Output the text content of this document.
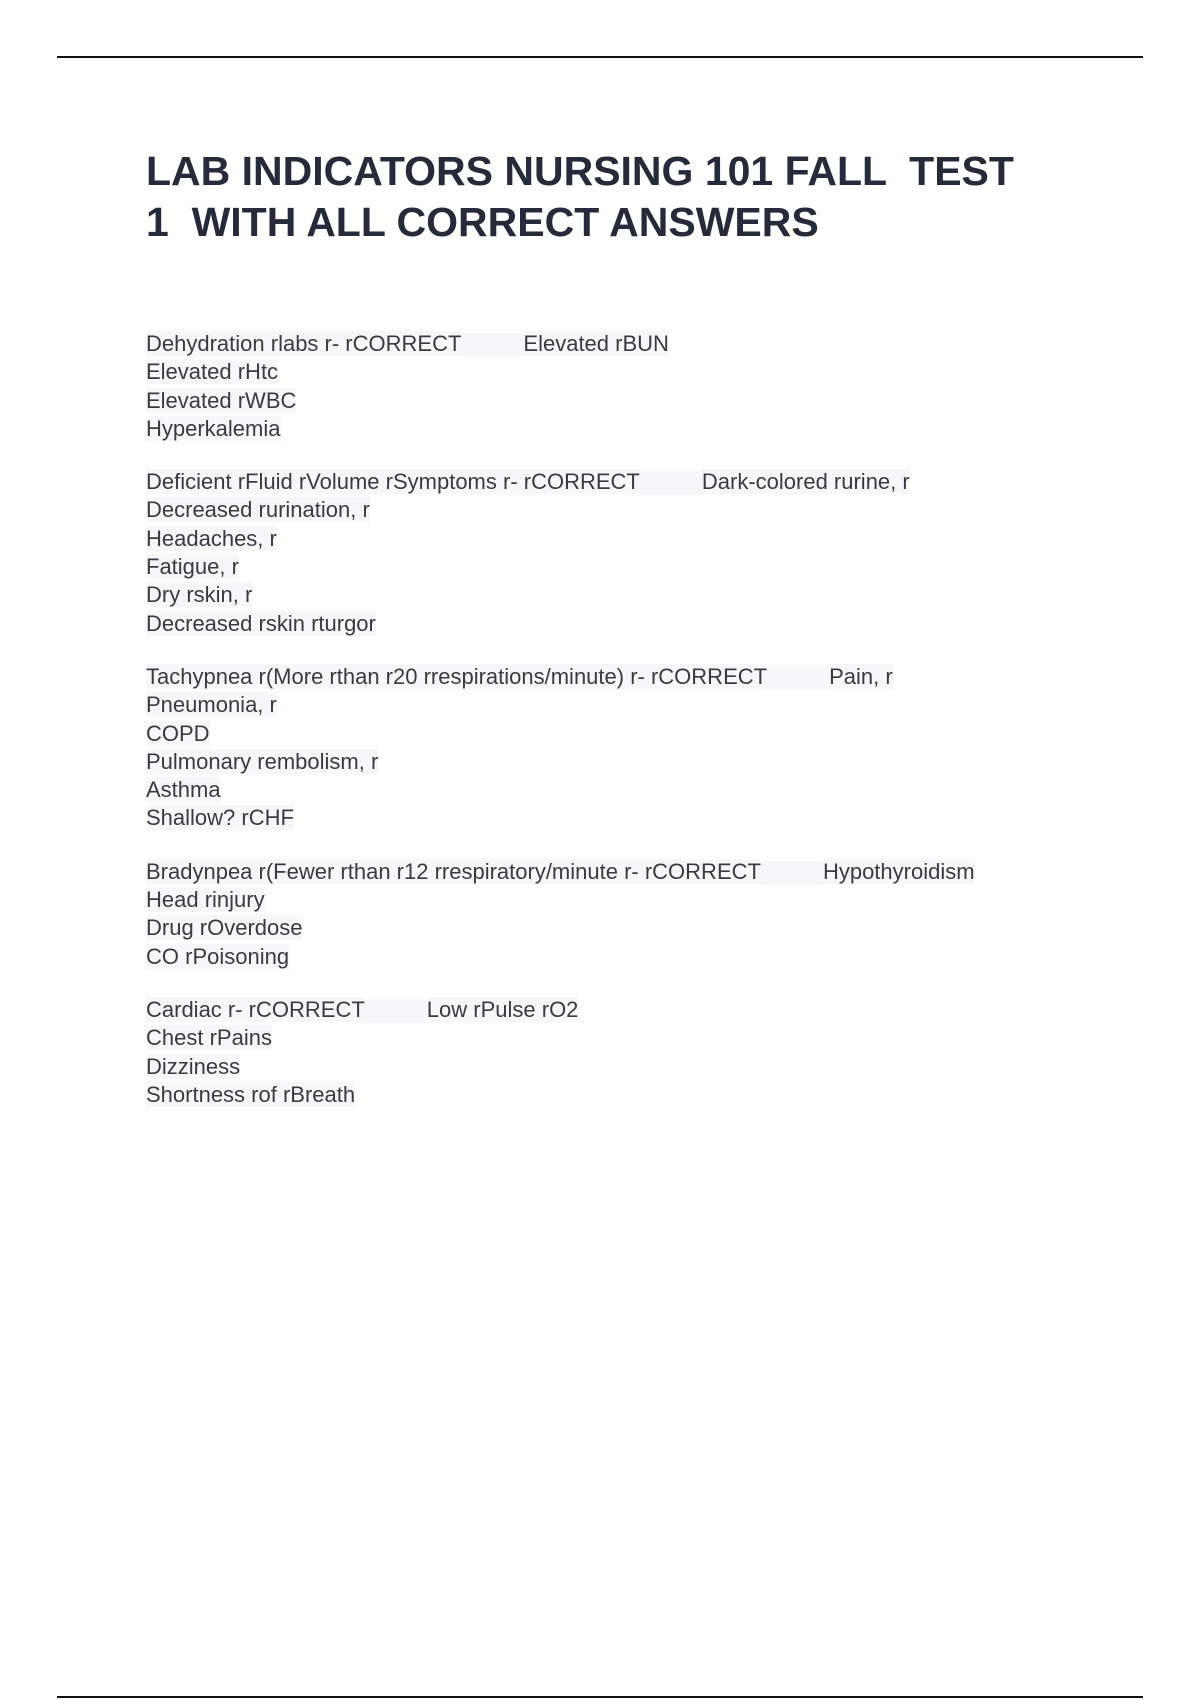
LAB INDICATORS NURSING 101 FALL  TEST
1  WITH ALL CORRECT ANSWERS
Dehydration rlabs r- rCORRECT	Elevated rBUN
Elevated rHtc
Elevated rWBC
Hyperkalemia
Deficient rFluid rVolume rSymptoms r- rCORRECT	Dark-colored rurine, r
Decreased rurination, r
Headaches, r
Fatigue, r
Dry rskin, r
Decreased rskin rturgor
Tachypnea r(More rthan r20 rrespirations/minute) r- rCORRECT	Pain, r
Pneumonia, r
COPD
Pulmonary rembolism, r
Asthma
Shallow? rCHF
Bradynpea r(Fewer rthan r12 rrespiratory/minute r- rCORRECT	Hypothyroidism
Head rinjury
Drug rOverdose
CO rPoisoning
Cardiac r- rCORRECT	Low rPulse rO2
Chest rPains
Dizziness
Shortness rof rBreath
